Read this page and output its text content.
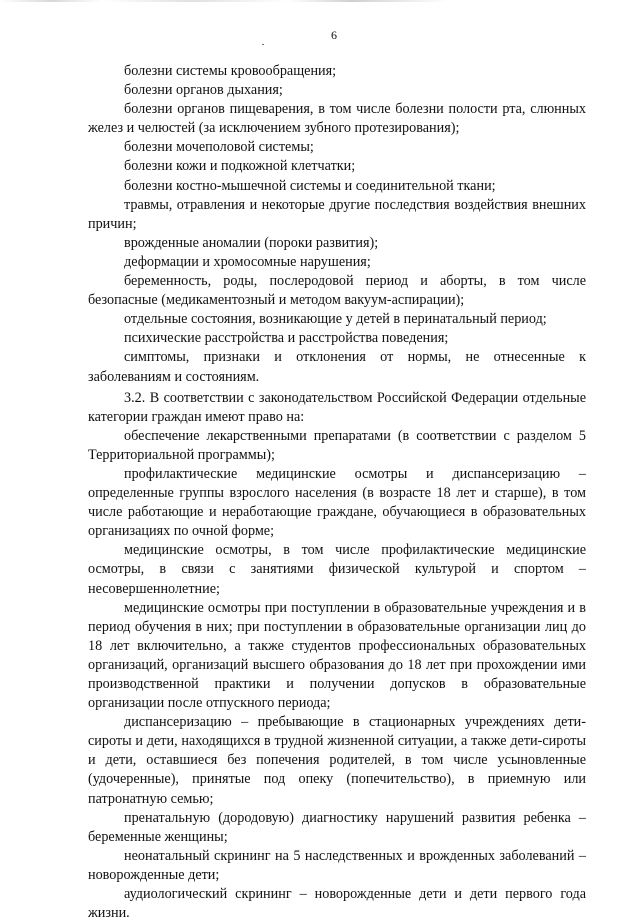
6

болезни системы кровообращения;

болезни органов дыхания;

болезни органов пищеварения, в том числе болезни полости рта, слюнных желез и челюстей (за исключением зубного протезирования);

болезни мочеполовой системы;

болезни кожи и подкожной клетчатки;

болезни костно-мышечной системы и соединительной ткани;

травмы, отравления и некоторые другие последствия воздействия внешних причин;

врожденные аномалии (пороки развития);

деформации и хромосомные нарушения;

беременность, роды, послеродовой период и аборты, в том числе безопасные (медикаментозный и методом вакуум-аспирации);

отдельные состояния, возникающие у детей в перинатальный период;

психические расстройства и расстройства поведения;

симптомы, признаки и отклонения от нормы, не отнесенные к заболеваниям и состояниям.

3.2. В соответствии с законодательством Российской Федерации отдельные категории граждан имеют право на:

обеспечение лекарственными препаратами (в соответствии с разделом 5 Территориальной программы);

профилактические медицинские осмотры и диспансеризацию – определенные группы взрослого населения (в возрасте 18 лет и старше), в том числе работающие и неработающие граждане, обучающиеся в образовательных организациях по очной форме;

медицинские осмотры, в том числе профилактические медицинские осмотры, в связи с занятиями физической культурой и спортом – несовершеннолетние;

медицинские осмотры при поступлении в образовательные учреждения и в период обучения в них; при поступлении в образовательные организации лиц до 18 лет включительно, а также студентов профессиональных образовательных организаций, организаций высшего образования до 18 лет при прохождении ими производственной практики и получении допусков в образовательные организации после отпускного периода;

диспансеризацию – пребывающие в стационарных учреждениях дети-сироты и дети, находящихся в трудной жизненной ситуации, а также дети-сироты и дети, оставшиеся без попечения родителей, в том числе усыновленные (удочеренные), принятые под опеку (попечительство), в приемную или патронатную семью;

пренатальную (дородовую) диагностику нарушений развития ребенка – беременные женщины;

неонатальный скрининг на 5 наследственных и врожденных заболеваний – новорожденные дети;

аудиологический скрининг – новорожденные дети и дети первого года жизни.
